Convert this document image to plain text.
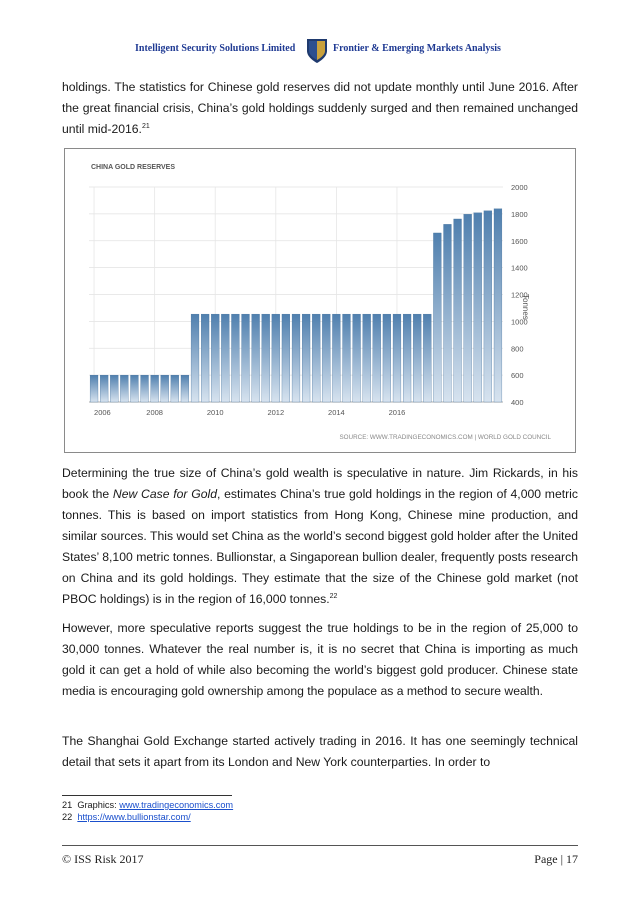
Intelligent Security Solutions Limited	Frontier & Emerging Markets Analysis

holdings. The statistics for Chinese gold reserves did not update monthly until June 2016. After the great financial crisis, China’s gold holdings suddenly surged and then remained unchanged until mid-2016.21

CHINA GOLD RESERVES
400
600
800
1000
1200
1400
1600
1800
2000
2006	2008	2010	2012	2014	2016
Tonnes
SOURCE: WWW.TRADINGECONOMICS.COM | WORLD GOLD COUNCIL

Determining the true size of China’s gold wealth is speculative in nature. Jim Rickards, in his book the New Case for Gold, estimates China’s true gold holdings in the region of 4,000 metric tonnes. This is based on import statistics from Hong Kong, Chinese mine production, and similar sources. This would set China as the world’s second biggest gold holder after the United States’ 8,100 metric tonnes. Bullionstar, a Singaporean bullion dealer, frequently posts research on China and its gold holdings. They estimate that the size of the Chinese gold market (not PBOC holdings) is in the region of 16,000 tonnes.$^{22}$

However, more speculative reports suggest the true holdings to be in the region of 25,000 to 30,000 tonnes. Whatever the real number is, it is no secret that China is importing as much gold it can get a hold of while also becoming the world’s biggest gold producer. Chinese state media is encouraging gold ownership among the populace as a method to secure wealth.

The Shanghai Gold Exchange started actively trading in 2016. It has one seemingly technical detail that sets it apart from its London and New York counterparties. In order to

21 Graphics: www.tradingeconomics.com
22 https://www.bullionstar.com/
© ISS Risk 2017	Page | 17
